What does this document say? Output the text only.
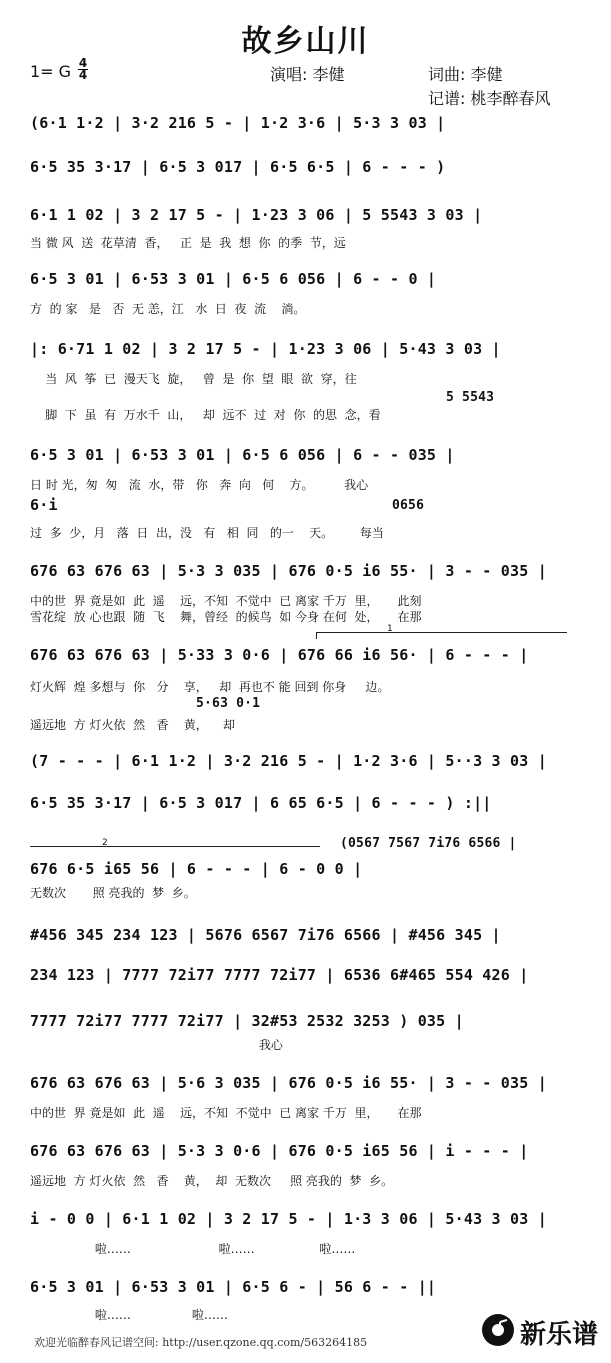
故乡山川
1= G 4
4	演唱: 李健	词曲: 李健
记谱: 桃李醉春风
(6·1 1·2 | 3·2 216 5 - | 1·2 3·6 | 5·3 3 03 |
6·5 35 3·17 | 6·5 3 017 | 6·5 6·5 | 6 - - - )
6·1 1 02 | 3 2 17 5 - | 1·23 3 06 | 5 5543 3 03 |
6·5 3 01 | 6·53 3 01 | 6·5 6 056 | 6 - - 0 |
|: 6·71 1 02 | 3 2 17 5 - | 1·23 3 06 | 5·43 3 03 |
6·5 3 01 | 6·53 3 01 | 6·5 6 056 | 6 - - 035 |
6·i
676 63 676 63 | 5·3 3 035 | 676 0·5 i6 55· | 3 - - 035 |
676 63 676 63 | 5·33 3 0·6 | 676 66 i6 56· | 6 - - - |
(7 - - - | 6·1 1·2 | 3·2 216 5 - | 1·2 3·6 | 5··3 3 03 |
6·5 35 3·17 | 6·5 3 017 | 6 65 6·5 | 6 - - - ) :||
676 6·5 i65 56 | 6 - - - | 6 - 0 0 |
#456 345 234 123 | 5676 6567 7i76 6566 | #456 345 |
234 123 | 7777 72i77 7777 72i77 | 6536 6#465 554 426 |
7777 72i77 7777 72i77 | 32#53 2532 3253 ) 035 |
676 63 676 63 | 5·6 3 035 | 676 0·5 i6 55· | 3 - - 035 |
676 63 676 63 | 5·3 3 0·6 | 676 0·5 i65 56 | i - - - |
i - 0 0 | 6·1 1 02 | 3 2 17 5 - | 1·3 3 06 | 5·43 3 03 |
6·5 3 01 | 6·53 3 01 | 6·5 6 - | 56 6 - - ||
当 微 风  送  花草清  香，   正  是  我  想  你  的季  节，远
方  的 家   是   否  无 恙，江   水  日  夜  流    淌。
当  风  筝  已  漫天飞  旋，   曾  是  你  望  眼  欲  穿，往
脚  下  虽  有  万水千  山，   却  远不  过  对  你  的思  念，看
日 时 光，匆  匆   流  水，带   你   奔  向   何    方。        我心
过  多  少，月   落  日  出，没   有   相  同   的一    天。       每当
中的世  界 竟是如  此  遥    远，不知  不觉中  已 离家 千万  里，     此刻
雪花绽  放 心也跟  随  飞    舞，曾经  的候鸟  如 今身 在何  处，     在那
灯火辉  煌 多想与  你   分    享，   却  再也不 能 回到 你身     边。
遥远地  方 灯火依  然   香    黄，    却
无数次       照 亮我的  梦  乡。
我心
中的世  界 竟是如  此  遥    远，不知  不觉中  已 离家 千万  里，     在那
遥远地  方 灯火依  然   香    黄，  却  无数次     照 亮我的  梦  乡。
啦……                       啦……                 啦……
啦……                啦……
5 5543
0656
5·63 0·1
(0567 7567 7i76 6566 |
1
2
欢迎光临醉春风记谱空间: http://user.qzone.qq.com/563264185	新乐谱
